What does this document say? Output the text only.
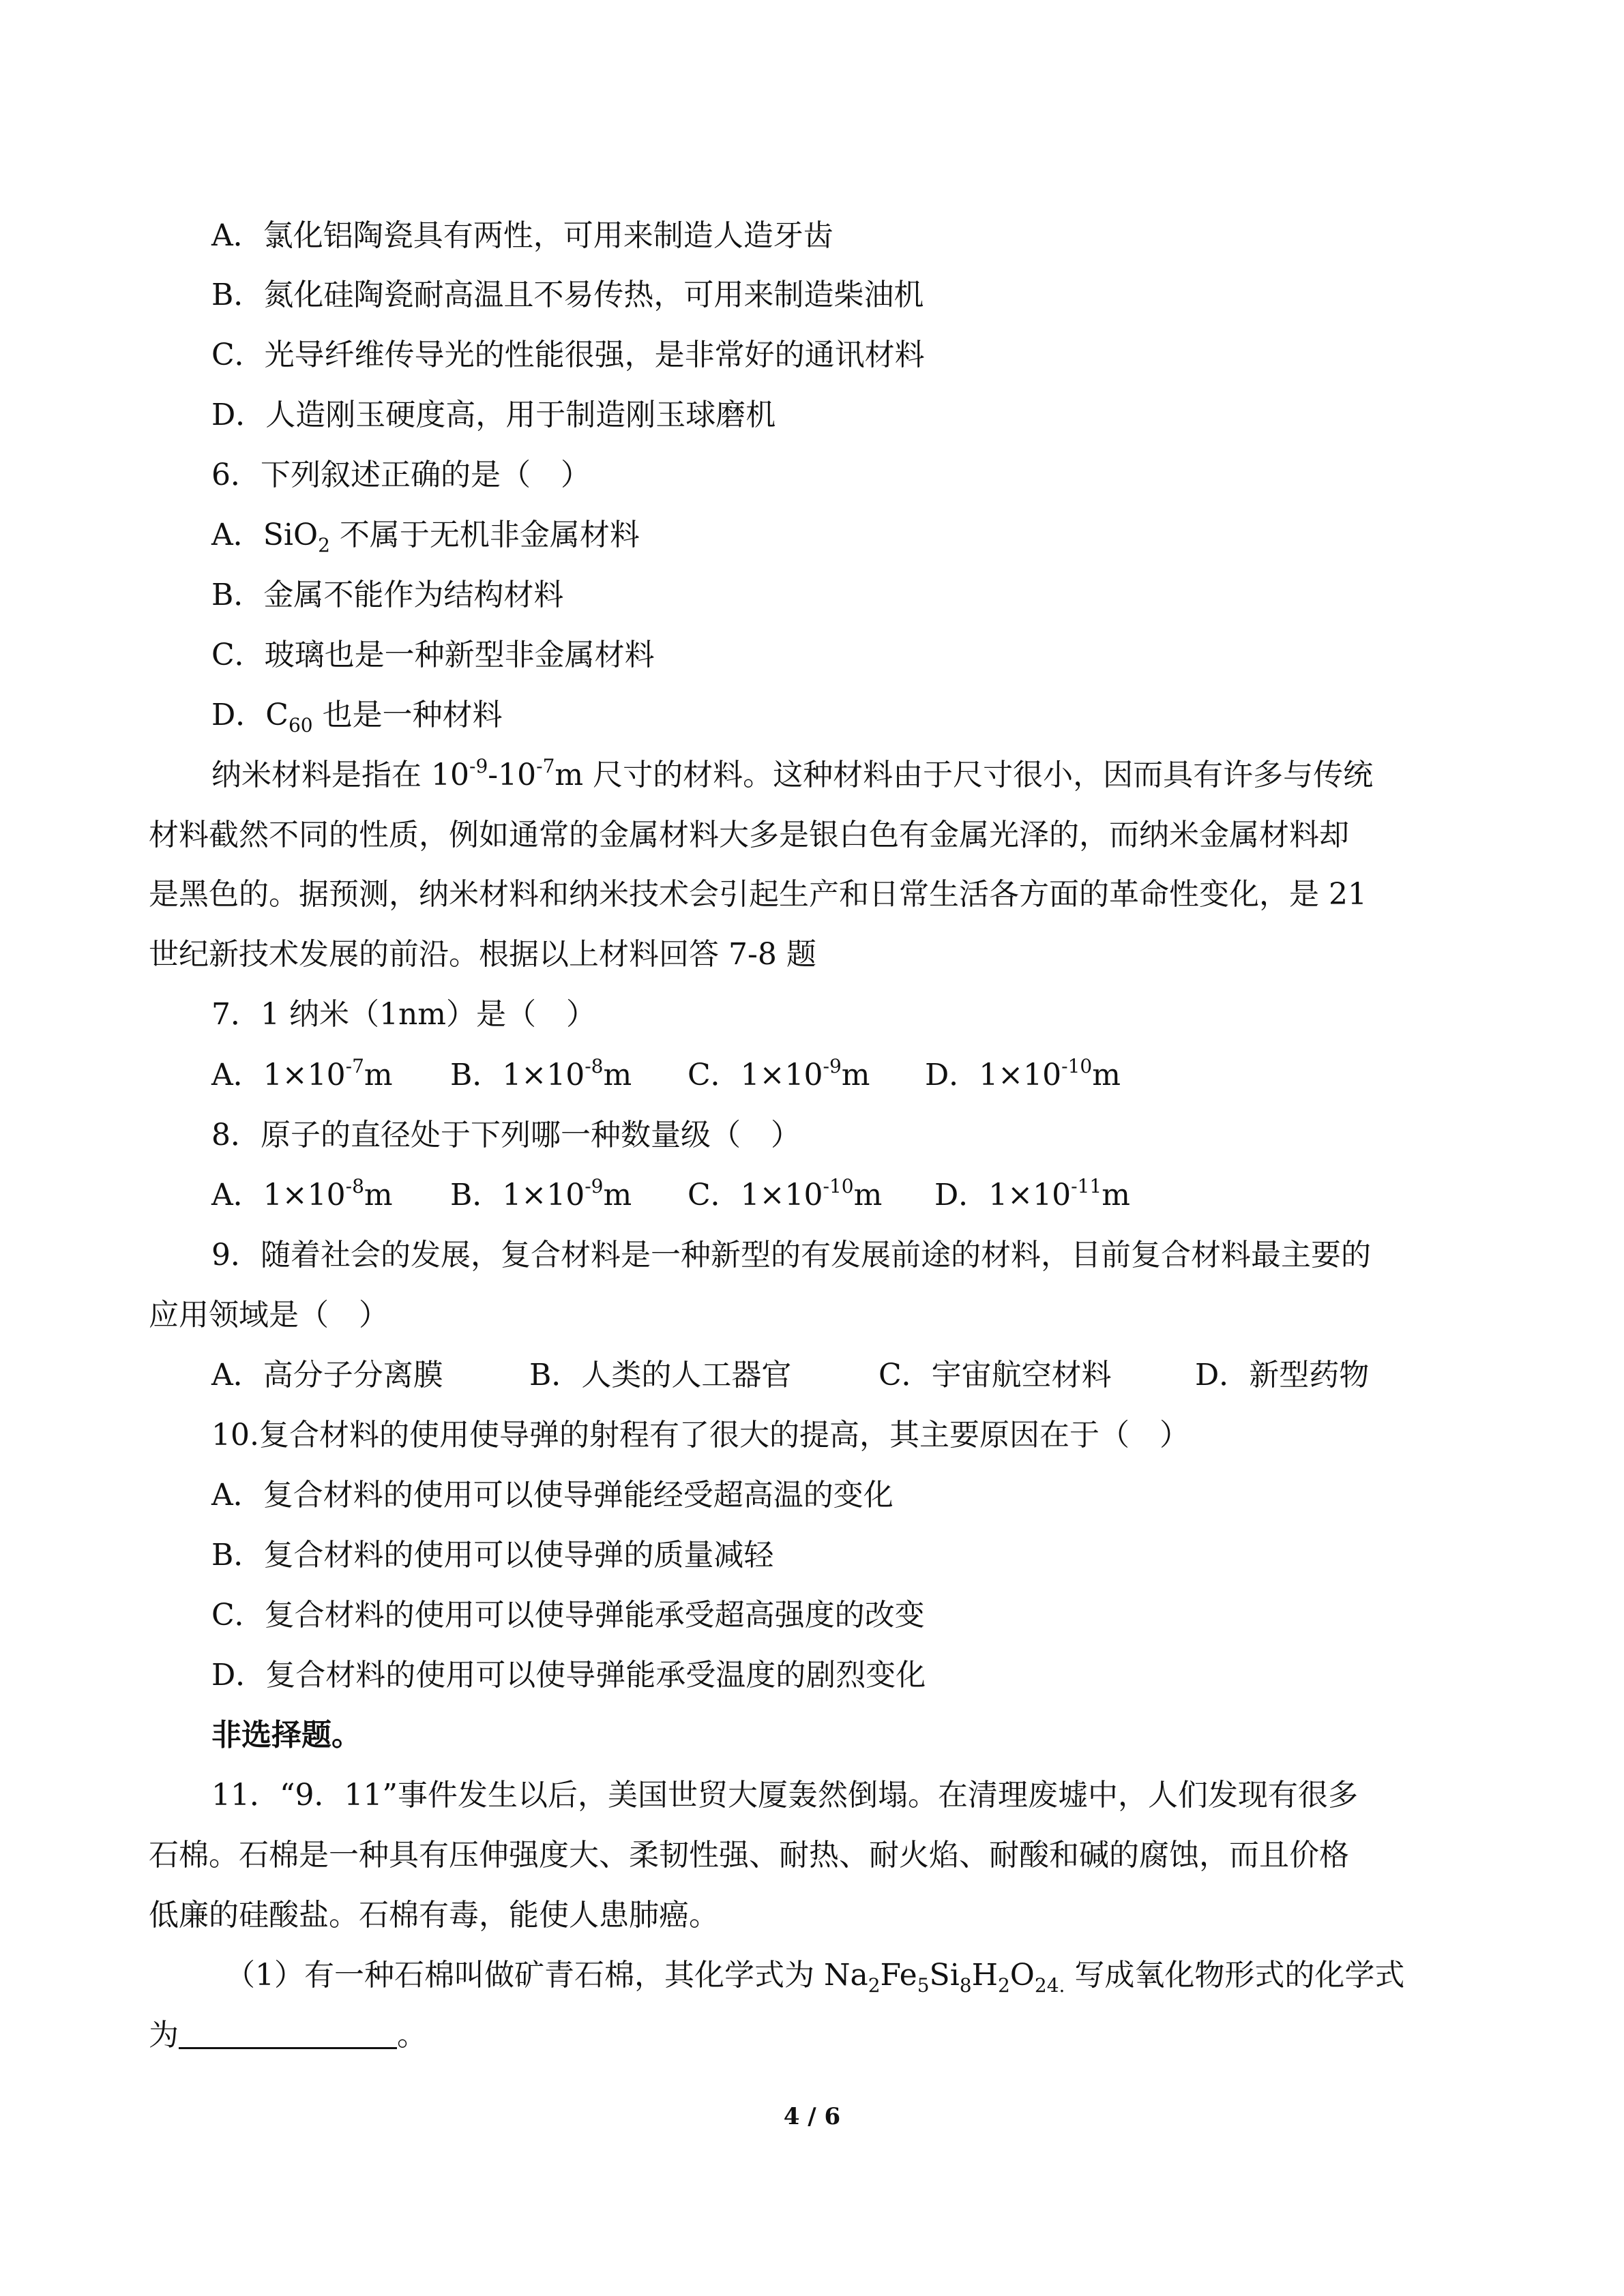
A．氯化铝陶瓷具有两性，可用来制造人造牙齿
B．氮化硅陶瓷耐高温且不易传热，可用来制造柴油机
C．光导纤维传导光的性能很强，是非常好的通讯材料
D．人造刚玉硬度高，用于制造刚玉球磨机
6．下列叙述正确的是（　）
A．SiO$_2$ 不属于无机非金属材料
B．金属不能作为结构材料
C．玻璃也是一种新型非金属材料
D．$C_{60}$ 也是一种材料
纳米材料是指在 $10^{-9}-10^{-7}m$ 尺寸的材料。这种材料由于尺寸很小，因而具有许多与传统
材料截然不同的性质，例如通常的金属材料大多是银白色有金属光泽的，而纳米金属材料却
是黑色的。据预测，纳米材料和纳米技术会引起生产和日常生活各方面的革命性变化，是 21
世纪新技术发展的前沿。根据以上材料回答 7-8 题
7．1 纳米（1nm）是（　）
A．$1\times 10^{-7}m$ B．$1\times 10^{-8}m$ C．$1\times 10^{-9}m$ D．$1\times 10^{-10}m$
8．原子的直径处于下列哪一种数量级（　）
A．$1\times 10^{-8}m$ B．$1\times 10^{-9}m$ C．$1\times 10^{-10}m$ D．$1\times 10^{-11}m$
9．随着社会的发展，复合材料是一种新型的有发展前途的材料，目前复合材料最主要的
应用领域是（　）
A．高分子分离膜	B．人类的人工器官	C．宇宙航空材料	D．新型药物
10.复合材料的使用使导弹的射程有了很大的提高，其主要原因在于（　）
A．复合材料的使用可以使导弹能经受超高温的变化
B．复合材料的使用可以使导弹的质量减轻
C．复合材料的使用可以使导弹能承受超高强度的改变
D．复合材料的使用可以使导弹能承受温度的剧烈变化
非选择题。
11．“9．11”事件发生以后，美国世贸大厦轰然倒塌。在清理废墟中，人们发现有很多
石棉。石棉是一种具有压伸强度大、柔韧性强、耐热、耐火焰、耐酸和碱的腐蚀，而且价格
低廉的硅酸盐。石棉有毒，能使人患肺癌。
（1）有一种石棉叫做矿青石棉，其化学式为 $Na_2Fe_5Si_8H_2O_{24.}$ 写成氧化物形式的化学式
为	。
4 / 6
